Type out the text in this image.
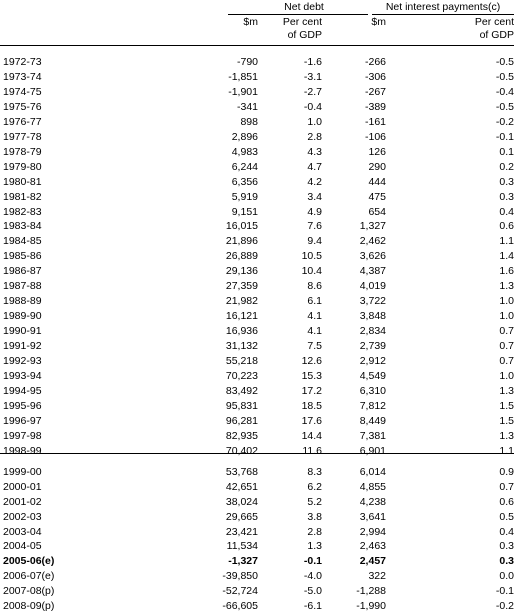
Net debt	Net interest payments(c)
$m Per cent
of GDP
$m	Per cent
of GDP
1972-73	-790	-1.6	-266	-0.5
1973-74	-1,851	-3.1	-306	-0.5
1974-75	-1,901	-2.7	-267	-0.4
1975-76	-341	-0.4	-389	-0.5
1976-77	898	1.0	-161	-0.2
1977-78	2,896	2.8	-106	-0.1
1978-79	4,983	4.3	126	0.1
1979-80	6,244	4.7	290	0.2
1980-81	6,356	4.2	444	0.3
1981-82	5,919	3.4	475	0.3
1982-83	9,151	4.9	654	0.4
1983-84	16,015	7.6	1,327	0.6
1984-85	21,896	9.4	2,462	1.1
1985-86	26,889	10.5	3,626	1.4
1986-87	29,136	10.4	4,387	1.6
1987-88	27,359	8.6	4,019	1.3
1988-89	21,982	6.1	3,722	1.0
1989-90	16,121	4.1	3,848	1.0
1990-91	16,936	4.1	2,834	0.7
1991-92	31,132	7.5	2,739	0.7
1992-93	55,218	12.6	2,912	0.7
1993-94	70,223	15.3	4,549	1.0
1994-95	83,492	17.2	6,310	1.3
1995-96	95,831	18.5	7,812	1.5
1996-97	96,281	17.6	8,449	1.5
1997-98	82,935	14.4	7,381	1.3
1998-99	70,402	11.6	6,901	1.1
1999-00	53,768	8.3	6,014	0.9
2000-01	42,651	6.2	4,855	0.7
2001-02	38,024	5.2	4,238	0.6
2002-03	29,665	3.8	3,641	0.5
2003-04	23,421	2.8	2,994	0.4
2004-05	11,534	1.3	2,463	0.3
2005-06(e)	-1,327	-0.1	2,457	0.3
2006-07(e)	-39,850	-4.0	322	0.0
2007-08(p)	-52,724	-5.0	-1,288	-0.1
2008-09(p)	-66,605	-6.1	-1,990	-0.2
